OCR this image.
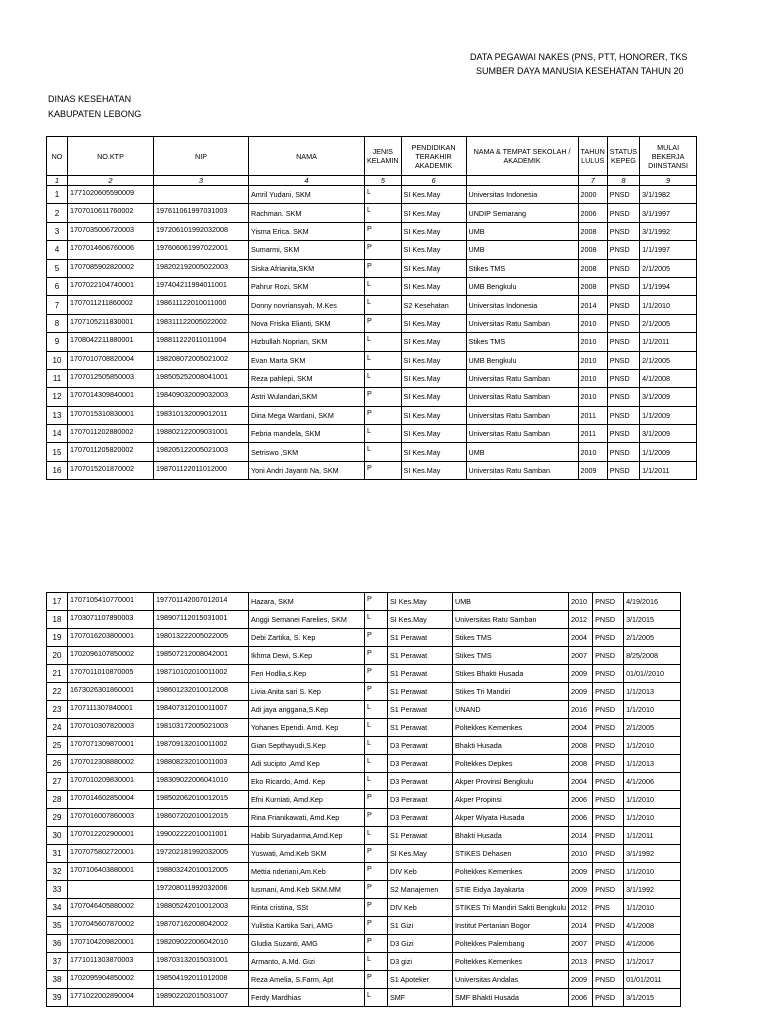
DATA PEGAWAI NAKES (PNS, PTT, HONORER, TKS
SUMBER DAYA MANUSIA KESEHATAN TAHUN 20
DINAS KESEHATAN
KABUPATEN LEBONG
NO	NO.KTP	NIP	NAMA	JENIS KELAMIN	PENDIDIKAN TERAKHIR AKADEMIK	NAMA & TEMPAT SEKOLAH / AKADEMIK	TAHUN LULUS	STATUS KEPEG	MULAI BEKERJA DIINSTANSI
1	2	3	4	5	6		7	8	9
1	1771020605590009		Amril Yudani, SKM	L	SI Kes.May	Universitas Indonesia	2000	PNSD	3/1/1982
2	1707010611760002	197611061997031003	Rachman. SKM	L	SI Kes.May	UNDIP Semarang	2006	PNSD	3/1/1997
3	1707035006720003	197206101992032008	Yisma Erica. SKM	P	SI Kes.May	UMB	2008	PNSD	3/1/1992
4	1707014606760006	197606061997022001	Sumarmi, SKM	P	SI Kes.May	UMB	2008	PNSD	1/1/1997
5	1707085902820002	198202192005022003	Siska Afrianita,SKM	P	SI Kes.May	Stikes TMS	2008	PNSD	2/1/2005
6	1707022104740001	197404211994011001	Pahrur Rozi, SKM	L	SI Kes.May	UMB Bengkulu	2008	PNSD	1/1/1994
7	1707011211860002	198611122010011000	Donny novriansyah, M.Kes	L	S2 Kesehatan	Universitas Indonesia	2014	PNSD	1/1/2010
8	1707105211830001	198311122005022002	Nova Friska Elianti, SKM	P	SI Kes.May	Universitas Ratu Samban	2010	PNSD	2/1/2005
9	1708042211880001	198811222011011004	Hizbullah Noprian, SKM	L	SI Kes.May	Stikes TMS	2010	PNSD	1/1/2011
10	1707010708820004	198208072005021002	Evan Marta SKM	L	SI Kes.May	UMB Bengkulu	2010	PNSD	2/1/2005
11	1707012505850003	198505252008041001	Reza pahlepi, SKM	L	SI Kes.May	Universitas Ratu Samban	2010	PNSD	4/1/2008
12	1707014309840001	198409032009032003	Astri Wulandari,SKM	P	SI Kes.May	Universitas Ratu Samban	2010	PNSD	3/1/2009
13	1707015310830001	198310132009012011	Dina Mega Wardani, SKM	P	SI Kes.May	Universitas Ratu Samban	2011	PNSD	1/1/2009
14	1707011202880002	198802122009031001	Febria mandela, SKM	L	SI Kes.May	Universitas Ratu Samban	2011	PNSD	3/1/2009
15	1707011205820002	198205122005021003	Setriswo ,SKM	L	SI Kes.May	UMB	2010	PNSD	1/1/2009
16	1707015201870002	198701122011012000	Yoni Andri Jayanti Na, SKM	P	SI Kes.May	Universitas Ratu Samban	2009	PNSD	1/1/2011
17	1707105410770001	197701142007012014	Hazara, SKM	P	SI Kes.May	UMB	2010	PNSD	4/19/2016
18	1703071107890003	198907112015031001	Anggi Semanei Farelies, SKM	L	SI Kes.May	Universitas Ratu Samban	2012	PNSD	3/1/2015
19	1707016203800001	198013222005022005	Debi Zartika, S. Kep	P	S1 Perawat	Stikes TMS	2004	PNSD	2/1/2005
20	1702096107850002	198507212008042001	Ikhma Dewi, S.Kep	P	S1 Perawat	Stikes TMS	2007	PNSD	8/25/2008
21	1707011010870005	198710102010011002	Feri Hodlia,s.Kep	P	S1 Perawat	Stikes Bhakti Husada	2009	PNSD	01/01//2010
22	1673026301860001	198601232010012008	Livia Anita sari S. Kep	P	S1 Perawat	Stikes Tri Mandiri	2009	PNSD	1/1/2013
23	1707111307840001	198407312010011007	Adi jaya anggana,S.Kep	L	S1 Perawat	UNAND	2016	PNSD	1/1/2010
24	1707010307820003	198103172005021003	Yohanes Ependi. Amd. Kep	L	S1 Perawat	Poltekkes Kemenkes	2004	PNSD	2/1/2005
25	1707071309870001	198709132010011002	Gian Septhayudi,S.Kep	L	D3 Perawat	Bhakti Husada	2008	PNSD	1/1/2010
26	1707012308880002	198808232010011003	Adi sucipto ,Amd Kep	L	D3 Perawat	Poltekkes Depkes	2008	PNSD	1/1/2013
27	1707010209830001	198309022006041010	Eko Ricardo, Amd. Kep	L	D3 Perawat	Akper Provinsi Bengkulu	2004	PNSD	4/1/2006
28	1707014602850004	198502062010012015	Efni Kurniati, Amd.Kep	P	D3 Perawat	Akper Propinsi	2006	PNSD	1/1/2010
29	1707016007860003	198607202010012015	Rina Frianikawati, Amd.Kep	P	D3 Perawat	Akper Wiyata Husada	2006	PNSD	1/1/2010
30	1707012202900001	199002222010011001	Habib Suryadarma,Amd.Kep	L	S1 Perawat	Bhakti Husada	2014	PNSD	1/1/2011
31	1707075802720001	197202181992032005	Yuswati, Amd.Keb SKM	P	SI Kes.May	STIKES Dehasen	2010	PNSD	3/1/1992
32	1707106403880001	198803242010012005	Mettia nderiani,Am.Keb	P	DIV Keb	Poltekkes Kemenkes	2009	PNSD	1/1/2010
33		197208011992032006	Iusmani, Amd.Keb SKM.MM	P	S2 Manajemen	STIE Eidya Jayakarta	2009	PNSD	3/1/1992
34	1707046405880002	198805242010012003	Rinta cristina, SSt	P	DIV Keb	STIKES Tri Mandiri Sakti Bengkulu	2012	PNS	1/1/2010
35	1707045607870002	198707162008042002	Yulistia Kartika Sari, AMG	P	S1 Gizi	Institut Pertanian Bogor	2014	PNSD	4/1/2008
36	1707104209820001	198209022006042010	Gludia Suzanti, AMG	P	D3 Gizi	Poltekkes Palembang	2007	PNSD	4/1/2006
37	1771011303870003	198703132015031001	Armanto, A.Md. Gizi	L	D3 gizi	Poltekkes Kemenkes	2013	PNSD	1/1/2017
38	1702095904850002	198504192011012008	Reza Amelia, S.Farm, Apt	P	S1 Apoteker	Universitas Andalas	2009	PNSD	01/01/2011
39	1771022002890004	198902202015031007	Ferdy Mardhias	L	SMF	SMF Bhakti Husada	2006	PNSD	3/1/2015
